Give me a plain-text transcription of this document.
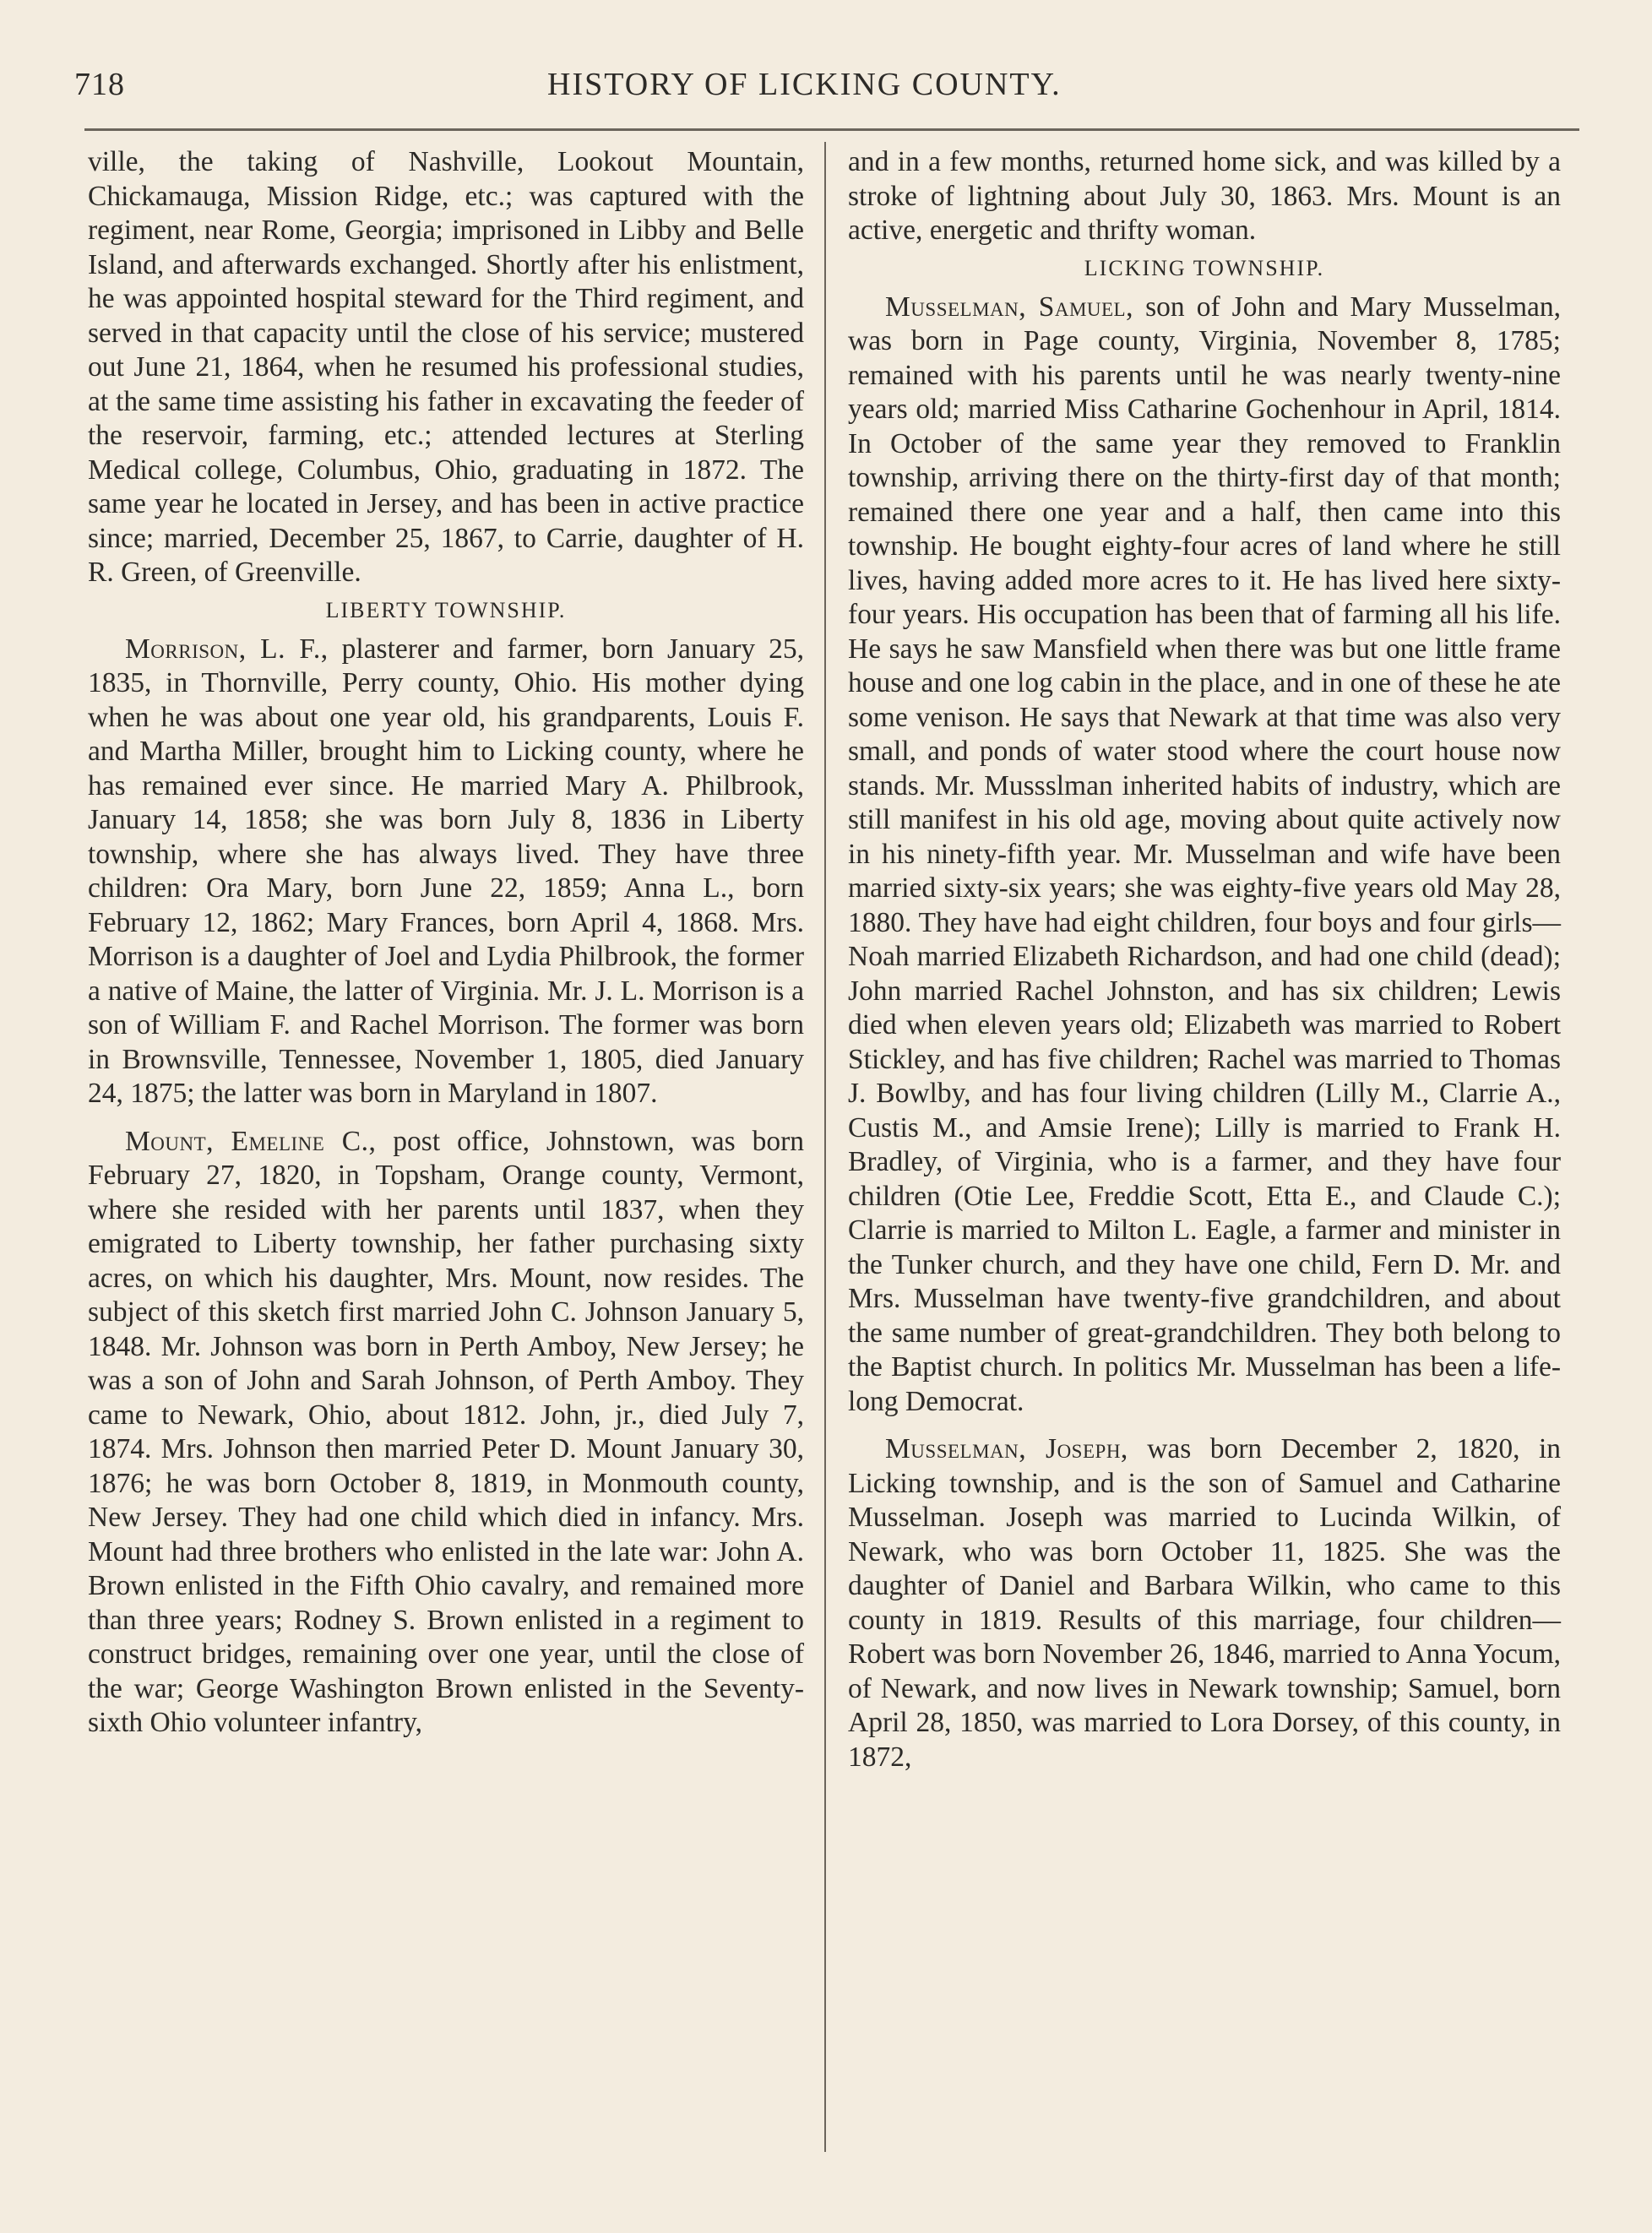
718	HISTORY OF LICKING COUNTY.

ville, the taking of Nashville, Lookout Mountain, Chickamauga, Mission Ridge, etc.; was captured with the regiment, near Rome, Georgia; imprisoned in Libby and Belle Island, and afterwards exchanged. Shortly after his enlistment, he was appointed hospital steward for the Third regiment, and served in that capacity until the close of his service; mustered out June 21, 1864, when he resumed his professional studies, at the same time assisting his father in excavating the feeder of the reservoir, farming, etc.; attended lectures at Sterling Medical college, Columbus, Ohio, graduating in 1872. The same year he located in Jersey, and has been in active practice since; married, December 25, 1867, to Carrie, daughter of H. R. Green, of Greenville.

LIBERTY TOWNSHIP.

Morrison, L. F., plasterer and farmer, born January 25, 1835, in Thornville, Perry county, Ohio. His mother dying when he was about one year old, his grandparents, Louis F. and Martha Miller, brought him to Licking county, where he has remained ever since. He married Mary A. Philbrook, January 14, 1858; she was born July 8, 1836 in Liberty township, where she has always lived. They have three children: Ora Mary, born June 22, 1859; Anna L., born February 12, 1862; Mary Frances, born April 4, 1868. Mrs. Morrison is a daughter of Joel and Lydia Philbrook, the former a native of Maine, the latter of Virginia. Mr. J. L. Morrison is a son of William F. and Rachel Morrison. The former was born in Brownsville, Tennessee, November 1, 1805, died January 24, 1875; the latter was born in Maryland in 1807.

Mount, Emeline C., post office, Johnstown, was born February 27, 1820, in Topsham, Orange county, Vermont, where she resided with her parents until 1837, when they emigrated to Liberty township, her father purchasing sixty acres, on which his daughter, Mrs. Mount, now resides. The subject of this sketch first married John C. Johnson January 5, 1848. Mr. Johnson was born in Perth Amboy, New Jersey; he was a son of John and Sarah Johnson, of Perth Amboy. They came to Newark, Ohio, about 1812. John, jr., died July 7, 1874. Mrs. Johnson then married Peter D. Mount January 30, 1876; he was born October 8, 1819, in Monmouth county, New Jersey. They had one child which died in infancy. Mrs. Mount had three brothers who enlisted in the late war: John A. Brown enlisted in the Fifth Ohio cavalry, and remained more than three years; Rodney S. Brown enlisted in a regiment to construct bridges, remaining over one year, until the close of the war; George Washington Brown enlisted in the Seventy-sixth Ohio volunteer infantry,

and in a few months, returned home sick, and was killed by a stroke of lightning about July 30, 1863. Mrs. Mount is an active, energetic and thrifty woman.

LICKING TOWNSHIP.

Musselman, Samuel, son of John and Mary Musselman, was born in Page county, Virginia, November 8, 1785; remained with his parents until he was nearly twenty-nine years old; married Miss Catharine Gochenhour in April, 1814. In October of the same year they removed to Franklin township, arriving there on the thirty-first day of that month; remained there one year and a half, then came into this township. He bought eighty-four acres of land where he still lives, having added more acres to it. He has lived here sixty-four years. His occupation has been that of farming all his life. He says he saw Mansfield when there was but one little frame house and one log cabin in the place, and in one of these he ate some venison. He says that Newark at that time was also very small, and ponds of water stood where the court house now stands. Mr. Mussslman inherited habits of industry, which are still manifest in his old age, moving about quite actively now in his ninety-fifth year. Mr. Musselman and wife have been married sixty-six years; she was eighty-five years old May 28, 1880. They have had eight children, four boys and four girls—Noah married Elizabeth Richardson, and had one child (dead); John married Rachel Johnston, and has six children; Lewis died when eleven years old; Elizabeth was married to Robert Stickley, and has five children; Rachel was married to Thomas J. Bowlby, and has four living children (Lilly M., Clarrie A., Custis M., and Amsie Irene); Lilly is married to Frank H. Bradley, of Virginia, who is a farmer, and they have four children (Otie Lee, Freddie Scott, Etta E., and Claude C.); Clarrie is married to Milton L. Eagle, a farmer and minister in the Tunker church, and they have one child, Fern D. Mr. and Mrs. Musselman have twenty-five grandchildren, and about the same number of great-grandchildren. They both belong to the Baptist church. In politics Mr. Musselman has been a life-long Democrat.

Musselman, Joseph, was born December 2, 1820, in Licking township, and is the son of Samuel and Catharine Musselman. Joseph was married to Lucinda Wilkin, of Newark, who was born October 11, 1825. She was the daughter of Daniel and Barbara Wilkin, who came to this county in 1819. Results of this marriage, four children—Robert was born November 26, 1846, married to Anna Yocum, of Newark, and now lives in Newark township; Samuel, born April 28, 1850, was married to Lora Dorsey, of this county, in 1872,
